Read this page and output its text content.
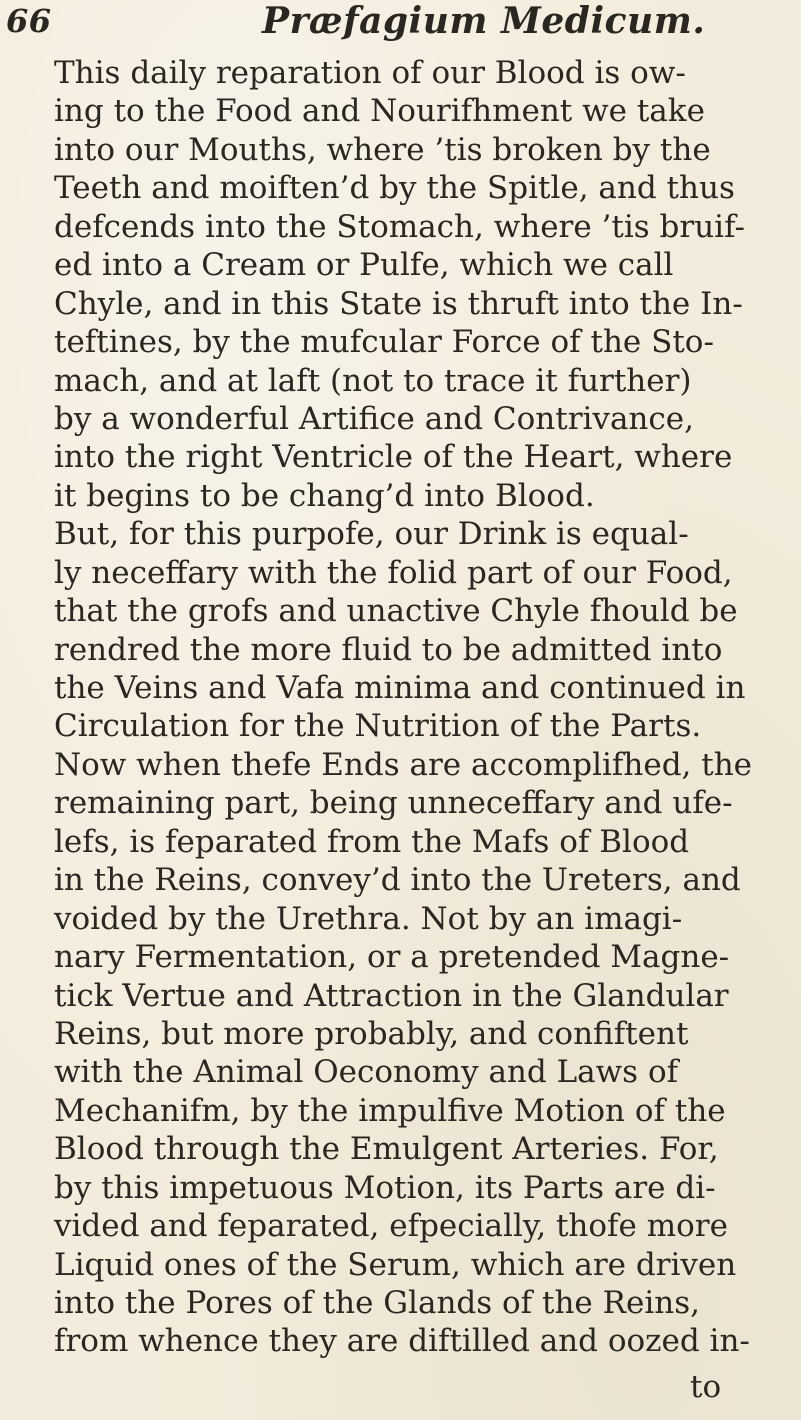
66	Præfagium Medicum.
This daily reparation of our Blood is ow-
ing to the Food and Nourifhment we take
into our Mouths, where ’tis broken by the
Teeth and moiften’d by the Spitle, and thus
defcends into the Stomach, where ’tis bruif-
ed into a Cream or Pulfe, which we call
Chyle, and in this State is thruft into the In-
teftines, by the mufcular Force of the Sto-
mach, and at laft (not to trace it further)
by a wonderful Artifice and Contrivance,
into the right Ventricle of the Heart, where
it begins to be chang’d into Blood.
But, for this purpofe, our Drink is equal-
ly neceffary with the folid part of our Food,
that the grofs and unactive Chyle fhould be
rendred the more fluid to be admitted into
the Veins and Vafa minima and continued in
Circulation for the Nutrition of the Parts.
Now when thefe Ends are accomplifhed, the
remaining part, being unneceffary and ufe-
lefs, is feparated from the Mafs of Blood
in the Reins, convey’d into the Ureters, and
voided by the Urethra. Not by an imagi-
nary Fermentation, or a pretended Magne-
tick Vertue and Attraction in the Glandular
Reins, but more probably, and confiftent
with the Animal Oeconomy and Laws of
Mechanifm, by the impulfive Motion of the
Blood through the Emulgent Arteries. For,
by this impetuous Motion, its Parts are di-
vided and feparated, efpecially, thofe more
Liquid ones of the Serum, which are driven
into the Pores of the Glands of the Reins,
from whence they are diftilled and oozed in-
to
